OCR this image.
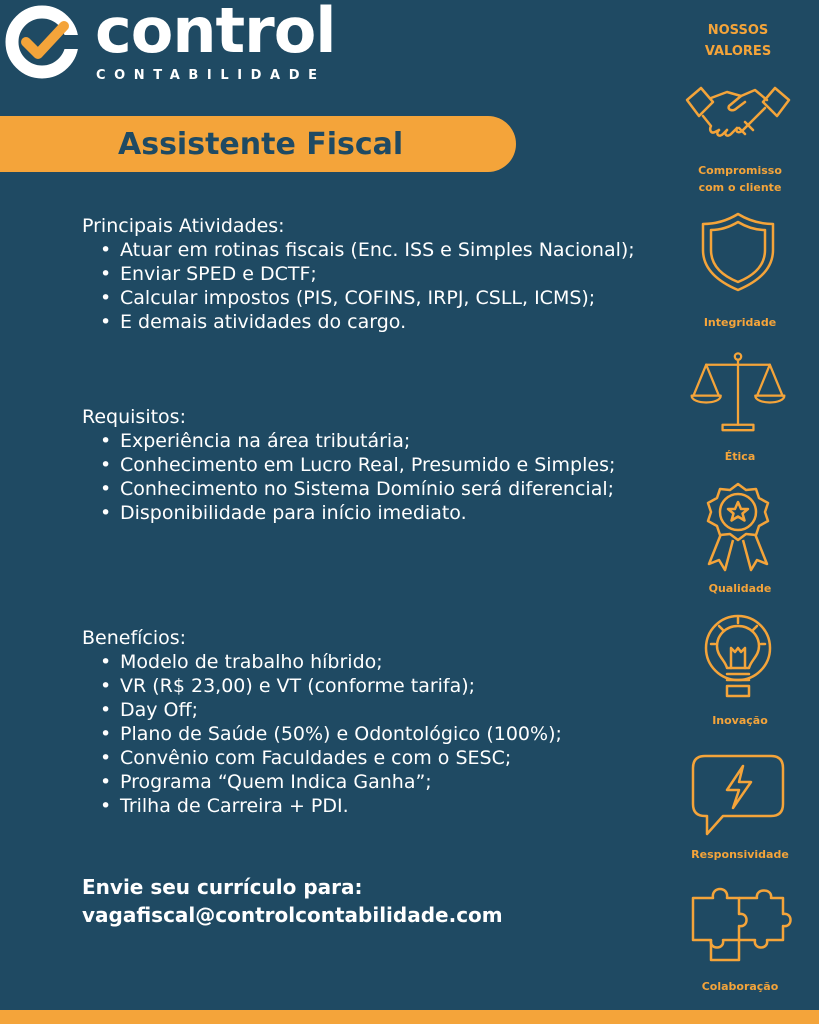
control
CONTABILIDADE
Assistente Fiscal
Principais Atividades:
• Atuar em rotinas fiscais (Enc. ISS e Simples Nacional);
• Enviar SPED e DCTF;
• Calcular impostos (PIS, COFINS, IRPJ, CSLL, ICMS);
• E demais atividades do cargo.
Requisitos:
• Experiência na área tributária;
• Conhecimento em Lucro Real, Presumido e Simples;
• Conhecimento no Sistema Domínio será diferencial;
• Disponibilidade para início imediato.
Benefícios:
• Modelo de trabalho híbrido;
• VR (R$ 23,00) e VT (conforme tarifa);
• Day Off;
• Plano de Saúde (50%) e Odontológico (100%);
• Convênio com Faculdades e com o SESC;
• Programa “Quem Indica Ganha”;
• Trilha de Carreira + PDI.
Envie seu currículo para:
vagafiscal@controlcontabilidade.com
NOSSOS
VALORES
Compromisso
com o cliente
Integridade
Ética
Qualidade
Inovação
Responsividade
Colaboração
